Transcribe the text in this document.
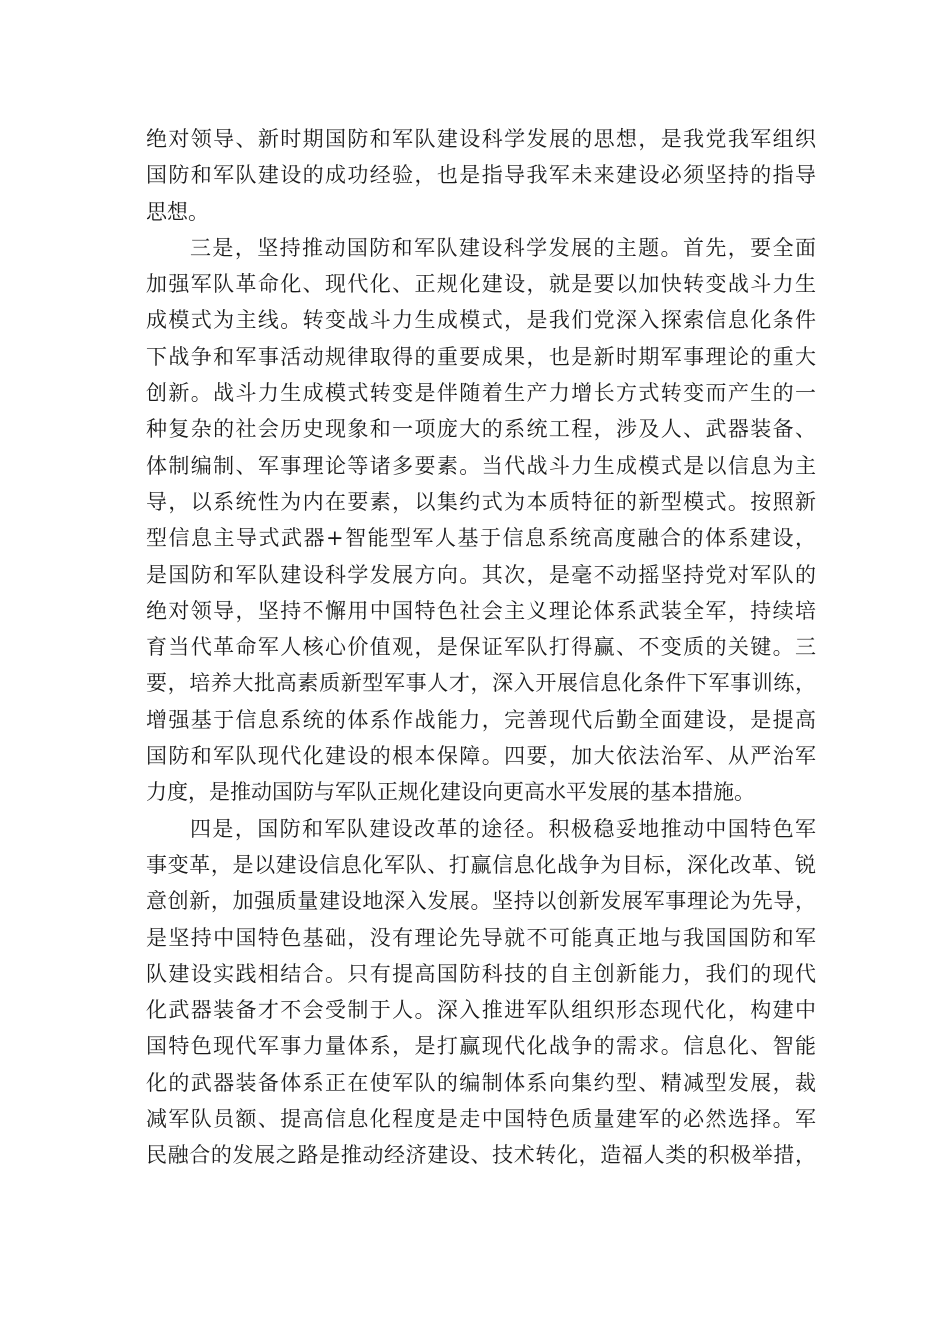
绝对领导、新时期国防和军队建设科学发展的思想，是我党我军组织
国防和军队建设的成功经验，也是指导我军未来建设必须坚持的指导
思想。
三是，坚持推动国防和军队建设科学发展的主题。首先，要全面
加强军队革命化、现代化、正规化建设，就是要以加快转变战斗力生
成模式为主线。转变战斗力生成模式，是我们党深入探索信息化条件
下战争和军事活动规律取得的重要成果，也是新时期军事理论的重大
创新。战斗力生成模式转变是伴随着生产力增长方式转变而产生的一
种复杂的社会历史现象和一项庞大的系统工程，涉及人、武器装备、
体制编制、军事理论等诸多要素。当代战斗力生成模式是以信息为主
导，以系统性为内在要素，以集约式为本质特征的新型模式。按照新
型信息主导式武器+智能型军人基于信息系统高度融合的体系建设，
是国防和军队建设科学发展方向。其次，是毫不动摇坚持党对军队的
绝对领导，坚持不懈用中国特色社会主义理论体系武装全军，持续培
育当代革命军人核心价值观，是保证军队打得赢、不变质的关键。三
要，培养大批高素质新型军事人才，深入开展信息化条件下军事训练，
增强基于信息系统的体系作战能力，完善现代后勤全面建设，是提高
国防和军队现代化建设的根本保障。四要，加大依法治军、从严治军
力度，是推动国防与军队正规化建设向更高水平发展的基本措施。
四是，国防和军队建设改革的途径。积极稳妥地推动中国特色军
事变革，是以建设信息化军队、打赢信息化战争为目标，深化改革、锐
意创新，加强质量建设地深入发展。坚持以创新发展军事理论为先导，
是坚持中国特色基础，没有理论先导就不可能真正地与我国国防和军
队建设实践相结合。只有提高国防科技的自主创新能力，我们的现代
化武器装备才不会受制于人。深入推进军队组织形态现代化，构建中
国特色现代军事力量体系，是打赢现代化战争的需求。信息化、智能
化的武器装备体系正在使军队的编制体系向集约型、精减型发展，裁
减军队员额、提高信息化程度是走中国特色质量建军的必然选择。军
民融合的发展之路是推动经济建设、技术转化，造福人类的积极举措，
